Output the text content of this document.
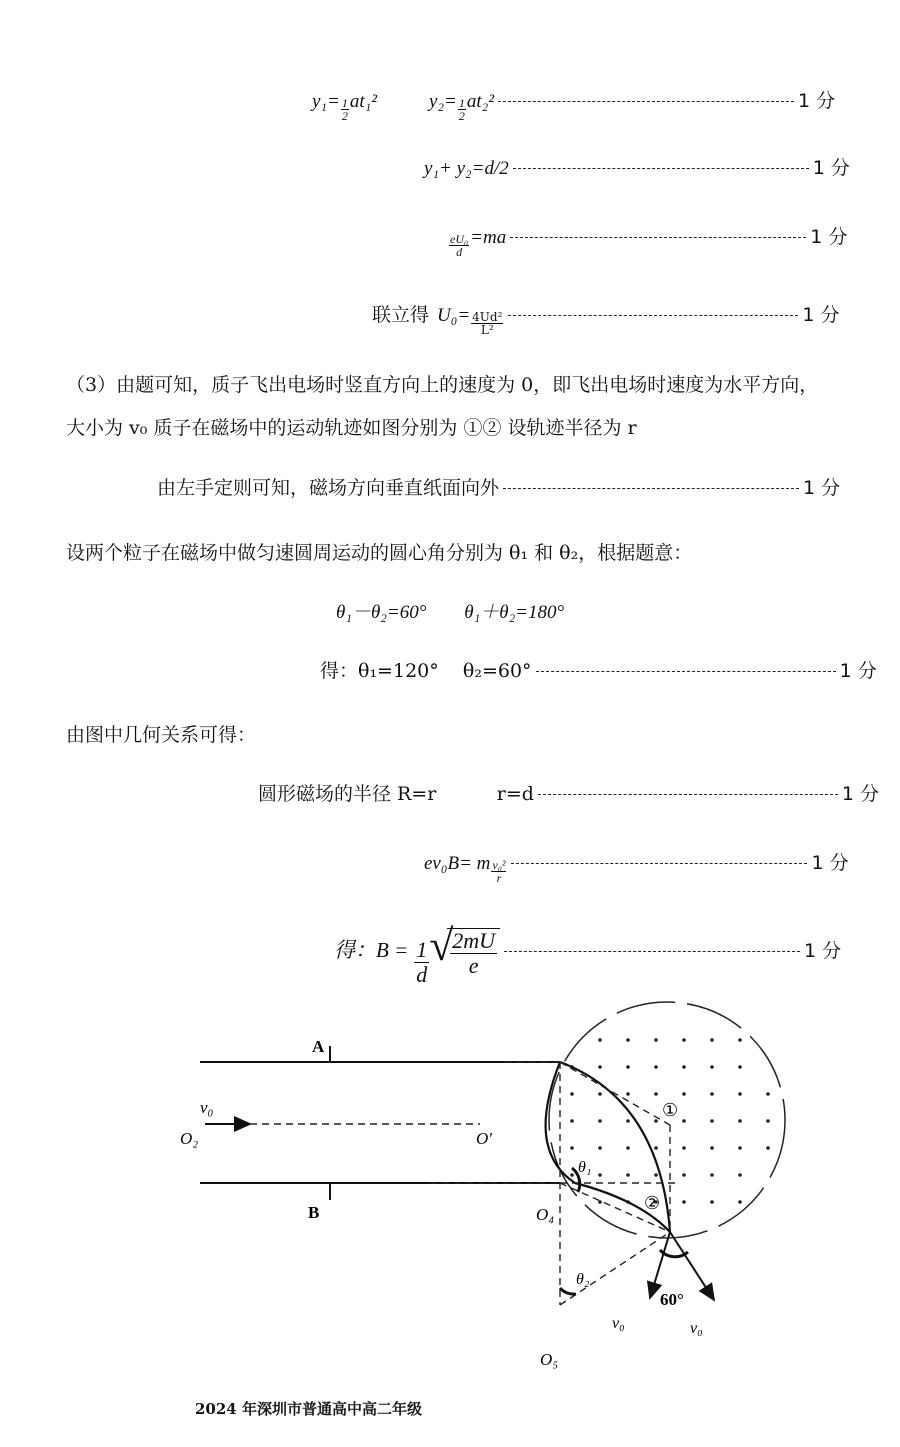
$y_1= \frac{1}{2} at_1^2$	$y_2= \frac{1}{2} at_2^2$	1 分
y₁+ y₂=d/2	1 分
$\frac{\text{eU₀}}{d} =ma$	1 分
联立得 $U_0= \frac{\text{4Ud²}}{\text{L²}}$	1 分
（3）由题可知，质子飞出电场时竖直方向上的速度为 0，即飞出电场时速度为水平方向，
大小为 v₀ 质子在磁场中的运动轨迹如图分别为 ①② 设轨迹半径为 r
由左手定则可知，磁场方向垂直纸面向外	1 分
设两个粒子在磁场中做匀速圆周运动的圆心角分别为 θ₁ 和 θ₂，根据题意：
θ₁－θ₂=60°        θ₁＋θ₂=180°
得：θ₁=120°    θ₂=60°	1 分
由图中几何关系可得：
圆形磁场的半径 R=r          r=d	1 分
ev₀B= m $\frac{\text{v₀²}}{r}$	1 分
得：$B = \frac{1}{d}$ √
$\frac{2mU}{e}$	1 分
A
B
v₀
O₂	O′
O₄
O₅
θ₁
θ₂
①
②
60°
v₀	v₀
2024 年深圳市普通高中高二年级
